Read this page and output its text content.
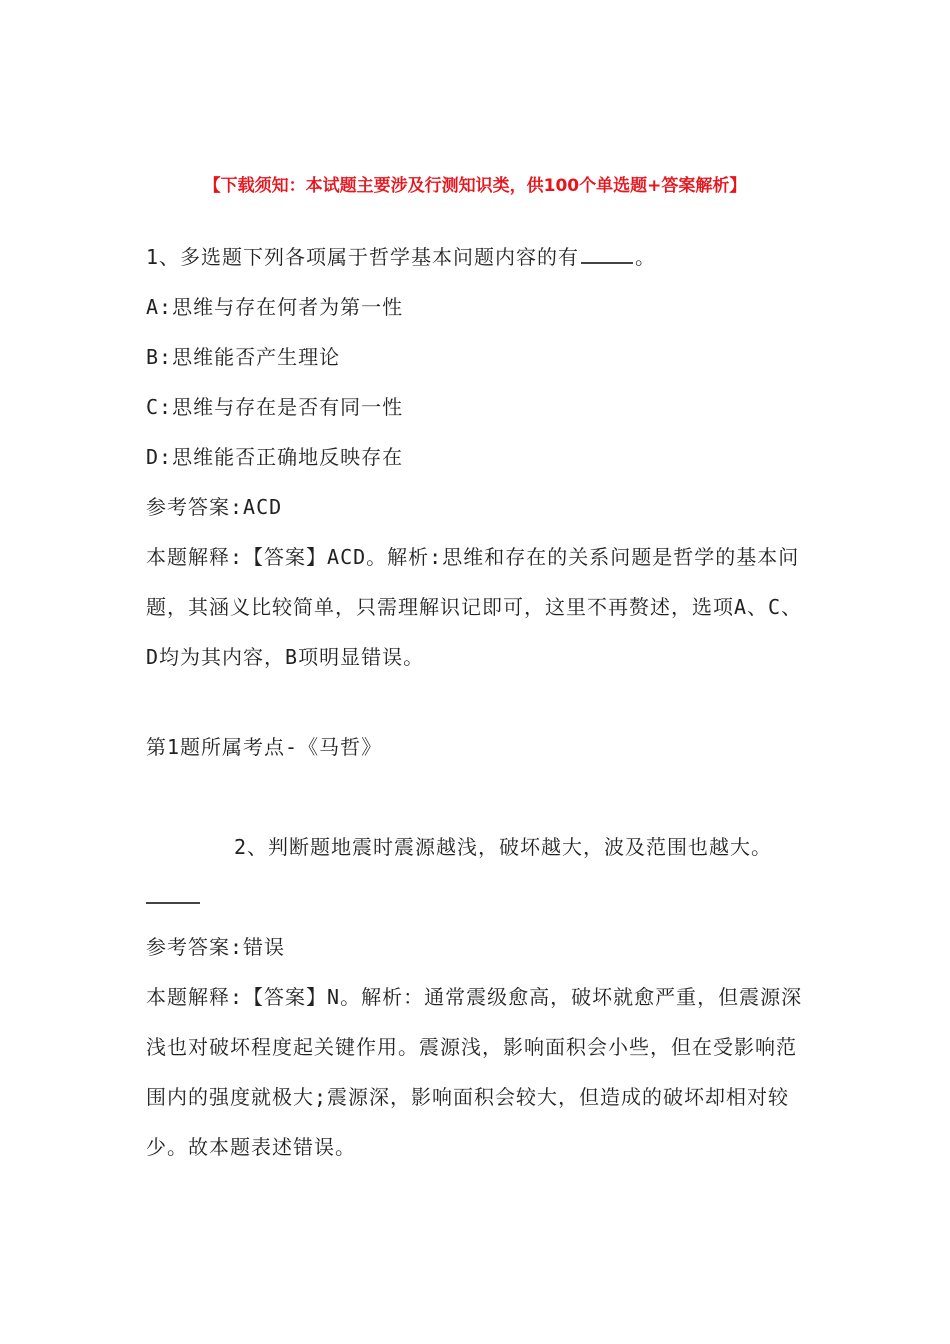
【下载须知：本试题主要涉及行测知识类，供100个单选题+答案解析】

1、多选题下列各项属于哲学基本问题内容的有	。

A:思维与存在何者为第一性

B:思维能否产生理论

C:思维与存在是否有同一性

D:思维能否正确地反映存在

参考答案:ACD

本题解释:【答案】ACD。解析:思维和存在的关系问题是哲学的基本问题，其涵义比较简单，只需理解识记即可，这里不再赘述，选项A、C、D均为其内容，B项明显错误。

第1题所属考点-《马哲》

2、判断题地震时震源越浅，破坏越大，波及范围也越大。

参考答案:错误

本题解释:【答案】N。解析：通常震级愈高，破坏就愈严重，但震源深浅也对破坏程度起关键作用。震源浅，影响面积会小些，但在受影响范围内的强度就极大;震源深，影响面积会较大，但造成的破坏却相对较少。故本题表述错误。
